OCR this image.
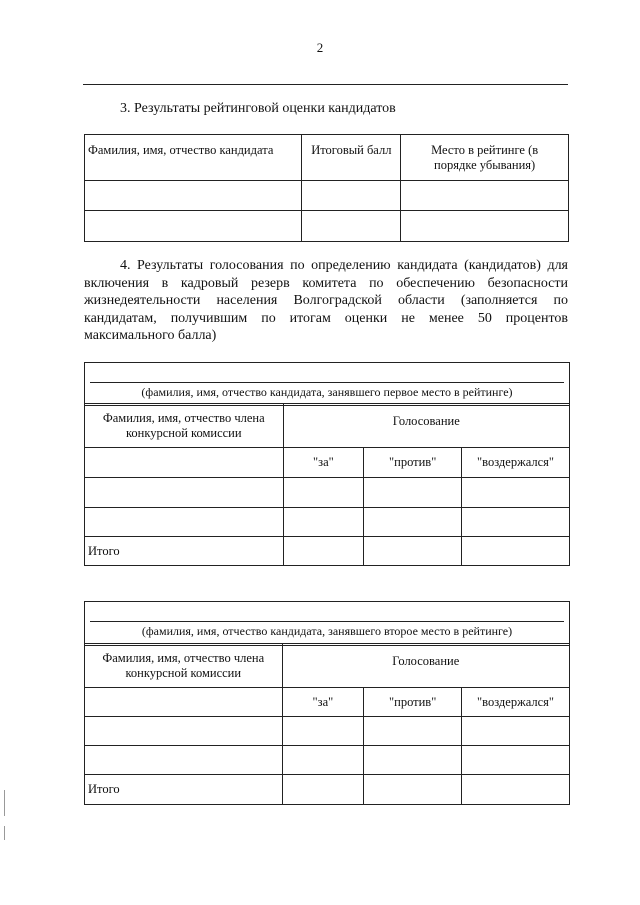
2
3. Результаты рейтинговой оценки кандидатов
Фамилия, имя, отчество кандидата	Итоговый балл	Место в рейтинге (в порядке убывания)

4. Результаты голосования по определению кандидата (кандидатов) для включения в кадровый резерв комитета по обеспечению безопасности жизнедеятельности населения Волгоградской области (заполняется по кандидатам, получившим по итогам оценки не менее 50 процентов максимального балла)
(фамилия, имя, отчество кандидата, занявшего первое место в рейтинге)
Фамилия, имя, отчество члена конкурсной комиссии	Голосование		
	"за"	"против"	"воздержался"

Итого			
(фамилия, имя, отчество кандидата, занявшего второе место в рейтинге)
Фамилия, имя, отчество члена конкурсной комиссии	Голосование		
	"за"	"против"	"воздержался"

Итого			
